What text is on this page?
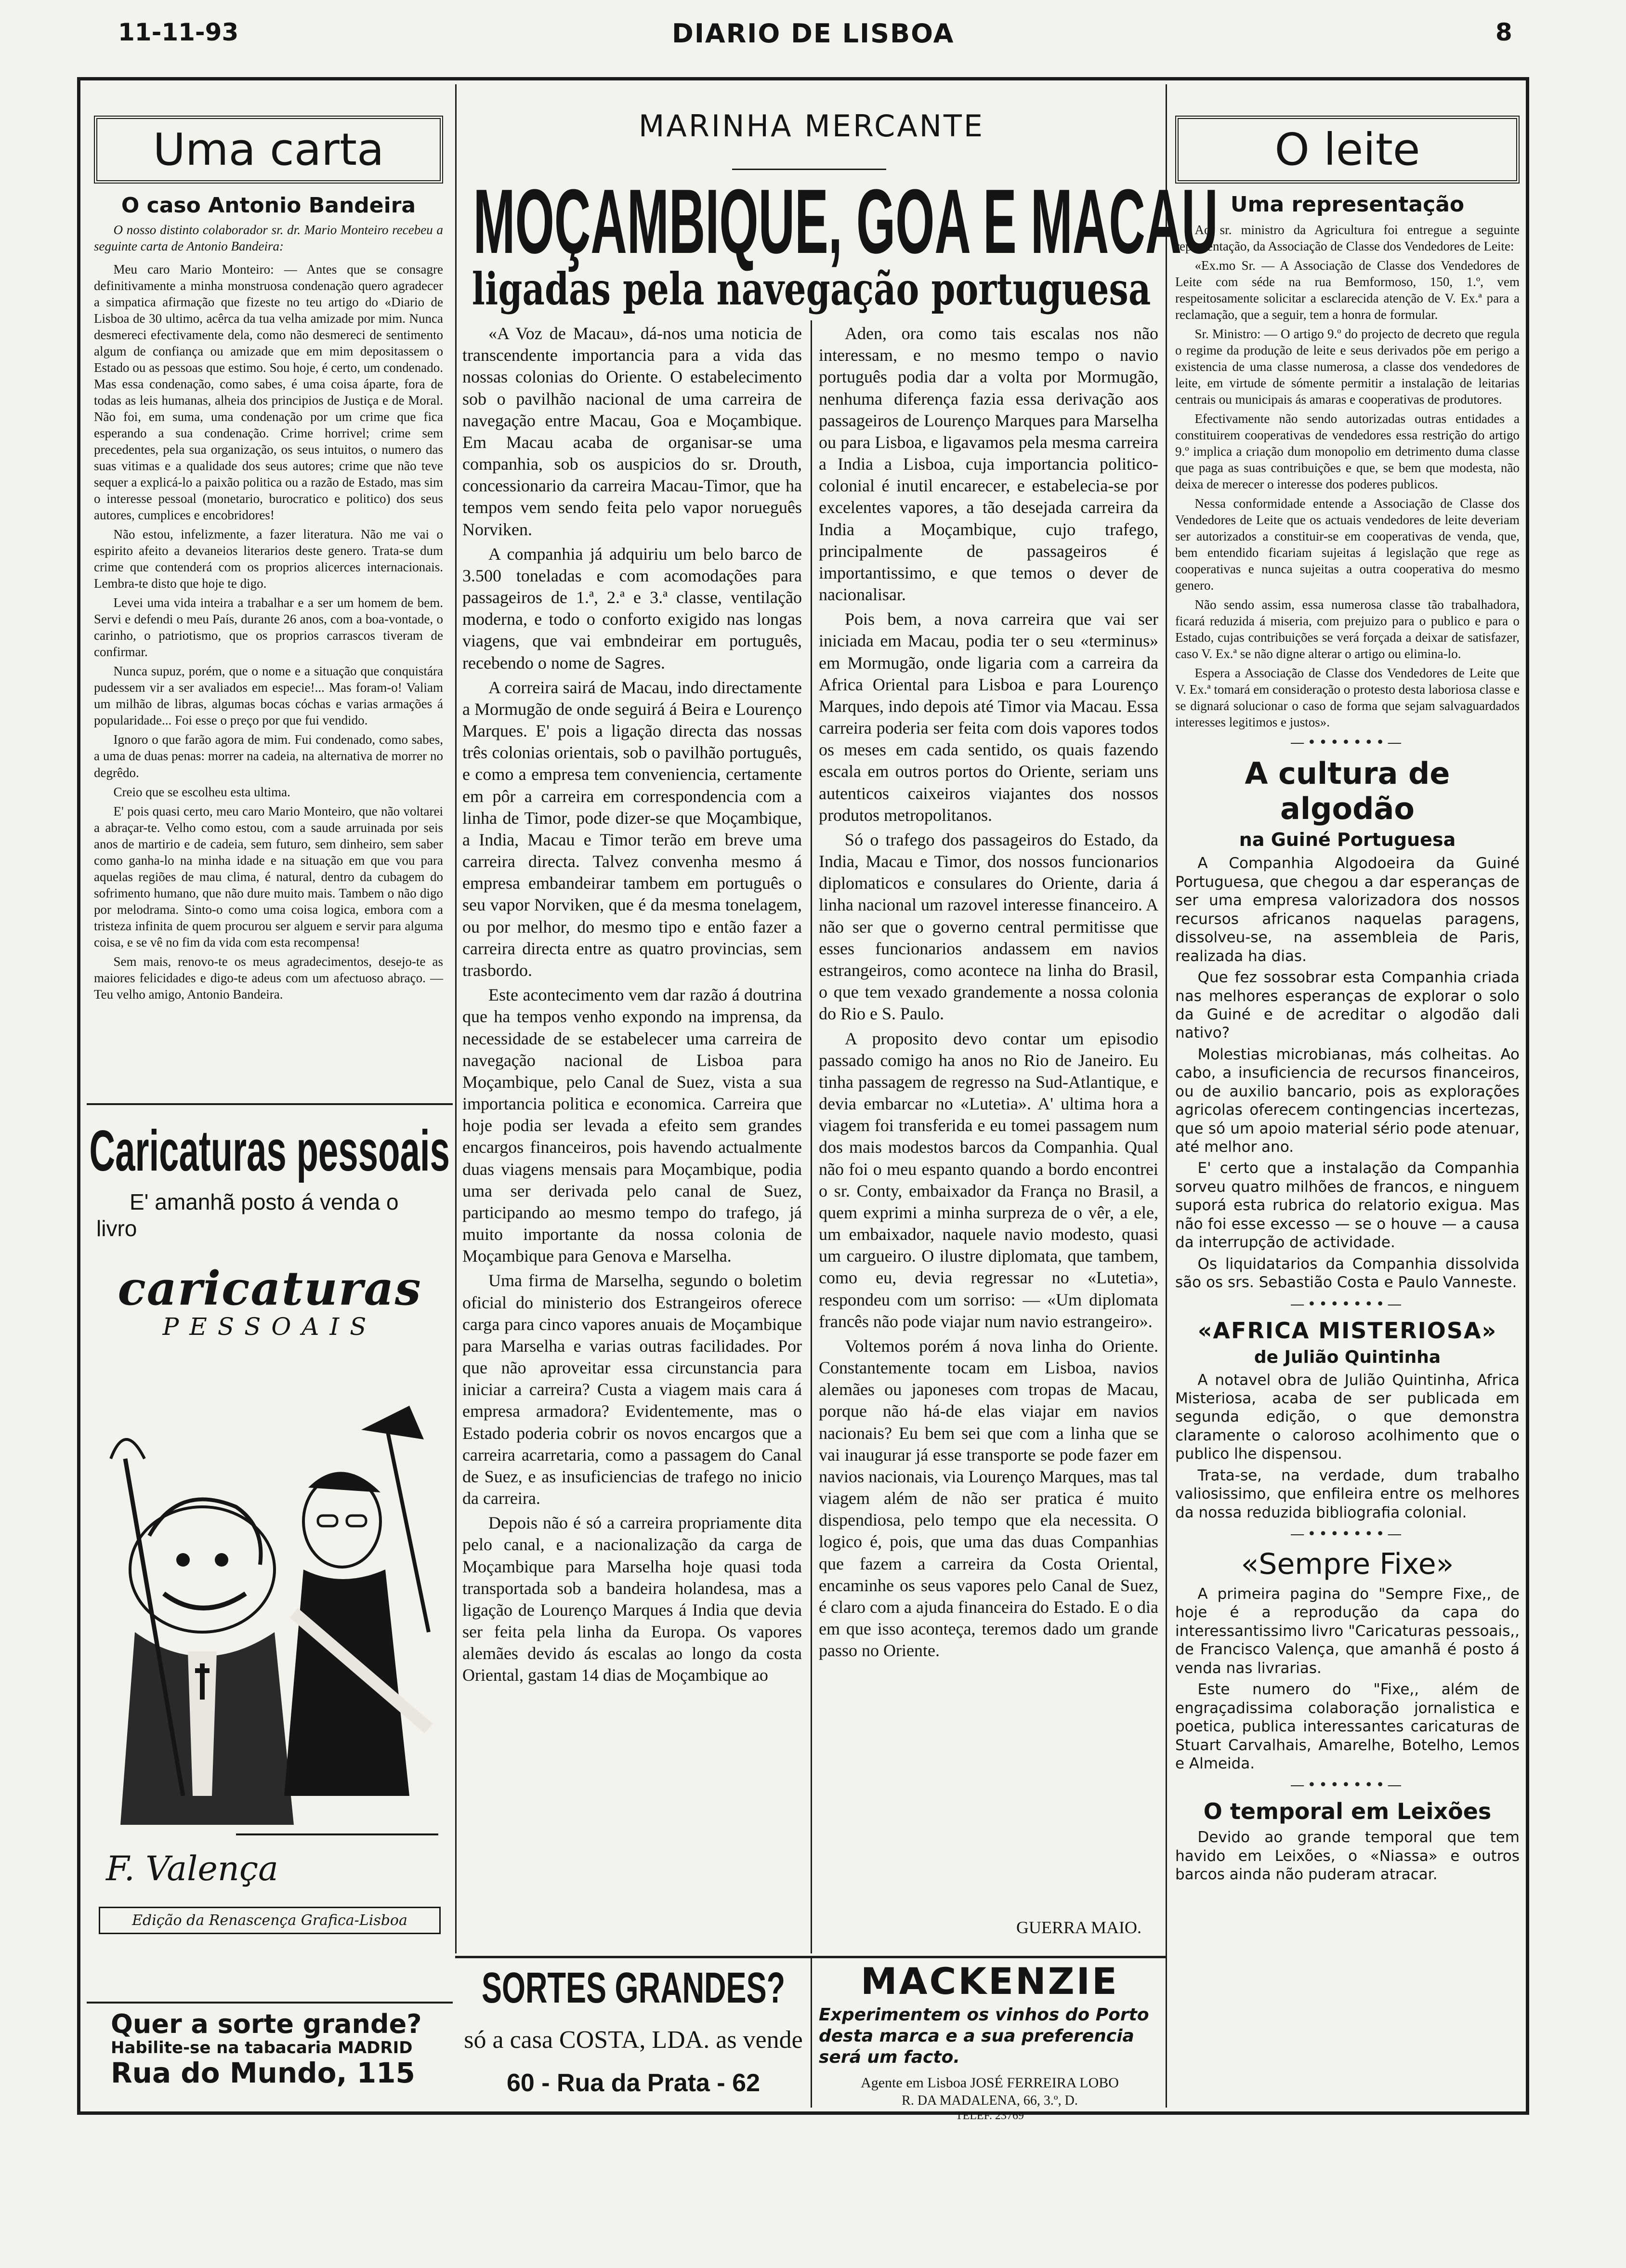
11-11-93	DIARIO DE LISBOA	8
Uma carta
O caso Antonio Bandeira
O nosso distinto colaborador sr. dr. Mario Monteiro recebeu a seguinte carta de Antonio Bandeira:

Meu caro Mario Monteiro: — Antes que se consagre definitivamente a minha monstruosa condenação quero agradecer a simpatica afirmação que fizeste no teu artigo do «Diario de Lisboa de 30 ultimo, acêrca da tua velha amizade por mim. Nunca desmereci efectivamente dela, como não desmereci de sentimento algum de confiança ou amizade que em mim depositassem o Estado ou as pessoas que estimo. Sou hoje, é certo, um condenado. Mas essa condenação, como sabes, é uma coisa áparte, fora de todas as leis humanas, alheia dos principios de Justiça e de Moral. Não foi, em suma, uma condenação por um crime que fica esperando a sua condenação. Crime horrivel; crime sem precedentes, pela sua organização, os seus intuitos, o numero das suas vitimas e a qualidade dos seus autores; crime que não teve sequer a explicá-lo a paixão politica ou a razão de Estado, mas sim o interesse pessoal (monetario, burocratico e politico) dos seus autores, cumplices e encobridores!

Não estou, infelizmente, a fazer literatura. Não me vai o espirito afeito a devaneios literarios deste genero. Trata-se dum crime que contenderá com os proprios alicerces internacionais. Lembra-te disto que hoje te digo.

Levei uma vida inteira a trabalhar e a ser um homem de bem. Servi e defendi o meu País, durante 26 anos, com a boa-vontade, o carinho, o patriotismo, que os proprios carrascos tiveram de confirmar.

Nunca supuz, porém, que o nome e a situação que conquistára pudessem vir a ser avaliados em especie!... Mas foram-o! Valiam um milhão de libras, algumas bocas cóchas e varias armações á popularidade... Foi esse o preço por que fui vendido.

Ignoro o que farão agora de mim. Fui condenado, como sabes, a uma de duas penas: morrer na cadeia, na alternativa de morrer no degrêdo.

Creio que se escolheu esta ultima.

E' pois quasi certo, meu caro Mario Monteiro, que não voltarei a abraçar-te. Velho como estou, com a saude arruinada por seis anos de martirio e de cadeia, sem futuro, sem dinheiro, sem saber como ganha-lo na minha idade e na situação em que vou para aquelas regiões de mau clima, é natural, dentro da cubagem do sofrimento humano, que não dure muito mais. Tambem o não digo por melodrama. Sinto-o como uma coisa logica, embora com a tristeza infinita de quem procurou ser alguem e servir para alguma coisa, e se vê no fim da vida com esta recompensa!

Sem mais, renovo-te os meus agradecimentos, desejo-te as maiores felicidades e digo-te adeus com um afectuoso abraço. — Teu velho amigo, Antonio Bandeira.

Caricaturas pessoais
E' amanhã posto á venda o livro
caricaturas
PESSOAIS
F. Valença
Edição da Renascença Grafica-Lisboa
Quer a sorte grande?
Habilite-se na tabacaria MADRID
Rua do Mundo, 115
MARINHA MERCANTE
MOÇAMBIQUE, GOA E MACAU
ligadas pela navegação portuguesa

«A Voz de Macau», dá-nos uma noticia de transcendente importancia para a vida das nossas colonias do Oriente. O estabelecimento sob o pavilhão nacional de uma carreira de navegação entre Macau, Goa e Moçambique. Em Macau acaba de organisar-se uma companhia, sob os auspicios do sr. Drouth, concessionario da carreira Macau-Timor, que ha tempos vem sendo feita pelo vapor norueguês Norviken.

A companhia já adquiriu um belo barco de 3.500 toneladas e com acomodações para passageiros de 1.ª, 2.ª e 3.ª classe, ventilação moderna, e todo o conforto exigido nas longas viagens, que vai embndeirar em português, recebendo o nome de Sagres.

A correira sairá de Macau, indo directamente a Mormugão de onde seguirá á Beira e Lourenço Marques. E' pois a ligação directa das nossas três colonias orientais, sob o pavilhão português, e como a empresa tem conveniencia, certamente em pôr a carreira em correspondencia com a linha de Timor, pode dizer-se que Moçambique, a India, Macau e Timor terão em breve uma carreira directa. Talvez convenha mesmo á empresa embandeirar tambem em português o seu vapor Norviken, que é da mesma tonelagem, ou por melhor, do mesmo tipo e então fazer a carreira directa entre as quatro provincias, sem trasbordo.

Este acontecimento vem dar razão á doutrina que ha tempos venho expondo na imprensa, da necessidade de se estabelecer uma carreira de navegação nacional de Lisboa para Moçambique, pelo Canal de Suez, vista a sua importancia politica e economica. Carreira que hoje podia ser levada a efeito sem grandes encargos financeiros, pois havendo actualmente duas viagens mensais para Moçambique, podia uma ser derivada pelo canal de Suez, participando ao mesmo tempo do trafego, já muito importante da nossa colonia de Moçambique para Genova e Marselha.

Uma firma de Marselha, segundo o boletim oficial do ministerio dos Estrangeiros oferece carga para cinco vapores anuais de Moçambique para Marselha e varias outras facilidades. Por que não aproveitar essa circunstancia para iniciar a carreira? Custa a viagem mais cara á empresa armadora? Evidentemente, mas o Estado poderia cobrir os novos encargos que a carreira acarretaria, como a passagem do Canal de Suez, e as insuficiencias de trafego no inicio da carreira.

Depois não é só a carreira propriamente dita pelo canal, e a nacionalização da carga de Moçambique para Marselha hoje quasi toda transportada sob a bandeira holandesa, mas a ligação de Lourenço Marques á India que devia ser feita pela linha da Europa. Os vapores alemães devido ás escalas ao longo da costa Oriental, gastam 14 dias de Moçambique ao

Aden, ora como tais escalas nos não interessam, e no mesmo tempo o navio português podia dar a volta por Mormugão, nenhuma diferença fazia essa derivação aos passageiros de Lourenço Marques para Marselha ou para Lisboa, e ligavamos pela mesma carreira a India a Lisboa, cuja importancia politico-colonial é inutil encarecer, e estabelecia-se por excelentes vapores, a tão desejada carreira da India a Moçambique, cujo trafego, principalmente de passageiros é importantissimo, e que temos o dever de nacionalisar.

Pois bem, a nova carreira que vai ser iniciada em Macau, podia ter o seu «terminus» em Mormugão, onde ligaria com a carreira da Africa Oriental para Lisboa e para Lourenço Marques, indo depois até Timor via Macau. Essa carreira poderia ser feita com dois vapores todos os meses em cada sentido, os quais fazendo escala em outros portos do Oriente, seriam uns autenticos caixeiros viajantes dos nossos produtos metropolitanos.

Só o trafego dos passageiros do Estado, da India, Macau e Timor, dos nossos funcionarios diplomaticos e consulares do Oriente, daria á linha nacional um razovel interesse financeiro. A não ser que o governo central permitisse que esses funcionarios andassem em navios estrangeiros, como acontece na linha do Brasil, o que tem vexado grandemente a nossa colonia do Rio e S. Paulo.

A proposito devo contar um episodio passado comigo ha anos no Rio de Janeiro. Eu tinha passagem de regresso na Sud-Atlantique, e devia embarcar no «Lutetia». A' ultima hora a viagem foi transferida e eu tomei passagem num dos mais modestos barcos da Companhia. Qual não foi o meu espanto quando a bordo encontrei o sr. Conty, embaixador da França no Brasil, a quem exprimi a minha surpreza de o vêr, a ele, um embaixador, naquele navio modesto, quasi um cargueiro. O ilustre diplomata, que tambem, como eu, devia regressar no «Lutetia», respondeu com um sorriso: — «Um diplomata francês não pode viajar num navio estrangeiro».

Voltemos porém á nova linha do Oriente. Constantemente tocam em Lisboa, navios alemães ou japoneses com tropas de Macau, porque não há-de elas viajar em navios nacionais? Eu bem sei que com a linha que se vai inaugurar já esse transporte se pode fazer em navios nacionais, via Lourenço Marques, mas tal viagem além de não ser pratica é muito dispendiosa, pelo tempo que ela necessita. O logico é, pois, que uma das duas Companhias que fazem a carreira da Costa Oriental, encaminhe os seus vapores pelo Canal de Suez, é claro com a ajuda financeira do Estado. E o dia em que isso aconteça, teremos dado um grande passo no Oriente.

GUERRA MAIO.
SORTES GRANDES?
só a casa COSTA, LDA. as vende
60 - Rua da Prata - 62
MACKENZIE
Experimentem os vinhos do Porto desta marca e a sua preferencia será um facto.
Agente em Lisboa JOSÉ FERREIRA LOBO
R. DA MADALENA, 66, 3.º, D.
TELEF. 23769
O leite
Uma representação

Ao sr. ministro da Agricultura foi entregue a seguinte representação, da Associação de Classe dos Vendedores de Leite:

«Ex.mo Sr. — A Associação de Classe dos Vendedores de Leite com séde na rua Bemformoso, 150, 1.º, vem respeitosamente solicitar a esclarecida atenção de V. Ex.ª para a reclamação, que a seguir, tem a honra de formular.

Sr. Ministro: — O artigo 9.º do projecto de decreto que regula o regime da produção de leite e seus derivados põe em perigo a existencia de uma classe numerosa, a classe dos vendedores de leite, em virtude de sómente permitir a instalação de leitarias centrais ou municipais ás amaras e cooperativas de produtores.

Efectivamente não sendo autorizadas outras entidades a constituirem cooperativas de vendedores essa restrição do artigo 9.º implica a criação dum monopolio em detrimento duma classe que paga as suas contribuições e que, se bem que modesta, não deixa de merecer o interesse dos poderes publicos.

Nessa conformidade entende a Associação de Classe dos Vendedores de Leite que os actuais vendedores de leite deveriam ser autorizados a constituir-se em cooperativas de venda, que, bem entendido ficariam sujeitas á legislação que rege as cooperativas e nunca sujeitas a outra cooperativa do mesmo genero.

Não sendo assim, essa numerosa classe tão trabalhadora, ficará reduzida á miseria, com prejuizo para o publico e para o Estado, cujas contribuições se verá forçada a deixar de satisfazer, caso V. Ex.ª se não digne alterar o artigo ou elimina-lo.

Espera a Associação de Classe dos Vendedores de Leite que V. Ex.ª tomará em consideração o protesto desta laboriosa classe e se dignará solucionar o caso de forma que sejam salvaguardados interesses legitimos e justos».

—•••••••—
A cultura de algodão
na Guiné Portuguesa

A Companhia Algodoeira da Guiné Portuguesa, que chegou a dar esperanças de ser uma empresa valorizadora dos nossos recursos africanos naquelas paragens, dissolveu-se, na assembleia de Paris, realizada ha dias.

Que fez sossobrar esta Companhia criada nas melhores esperanças de explorar o solo da Guiné e de acreditar o algodão dali nativo?

Molestias microbianas, más colheitas. Ao cabo, a insuficiencia de recursos financeiros, ou de auxilio bancario, pois as explorações agricolas oferecem contingencias incertezas, que só um apoio material sério pode atenuar, até melhor ano.

E' certo que a instalação da Companhia sorveu quatro milhões de francos, e ninguem suporá esta rubrica do relatorio exigua. Mas não foi esse excesso — se o houve — a causa da interrupção de actividade.

Os liquidatarios da Companhia dissolvida são os srs. Sebastião Costa e Paulo Vanneste.

—•••••••—
«AFRICA MISTERIOSA»
de Julião Quintinha

A notavel obra de Julião Quintinha, Africa Misteriosa, acaba de ser publicada em segunda edição, o que demonstra claramente o caloroso acolhimento que o publico lhe dispensou.

Trata-se, na verdade, dum trabalho valiosissimo, que enfileira entre os melhores da nossa reduzida bibliografia colonial.

—•••••••—
«Sempre Fixe»

A primeira pagina do "Sempre Fixe,, de hoje é a reprodução da capa do interessantissimo livro "Caricaturas pessoais,, de Francisco Valença, que amanhã é posto á venda nas livrarias.

Este numero do "Fixe,, além de engraçadissima colaboração jornalistica e poetica, publica interessantes caricaturas de Stuart Carvalhais, Amarelhe, Botelho, Lemos e Almeida.

—•••••••—
O temporal em Leixões

Devido ao grande temporal que tem havido em Leixões, o «Niassa» e outros barcos ainda não puderam atracar.
